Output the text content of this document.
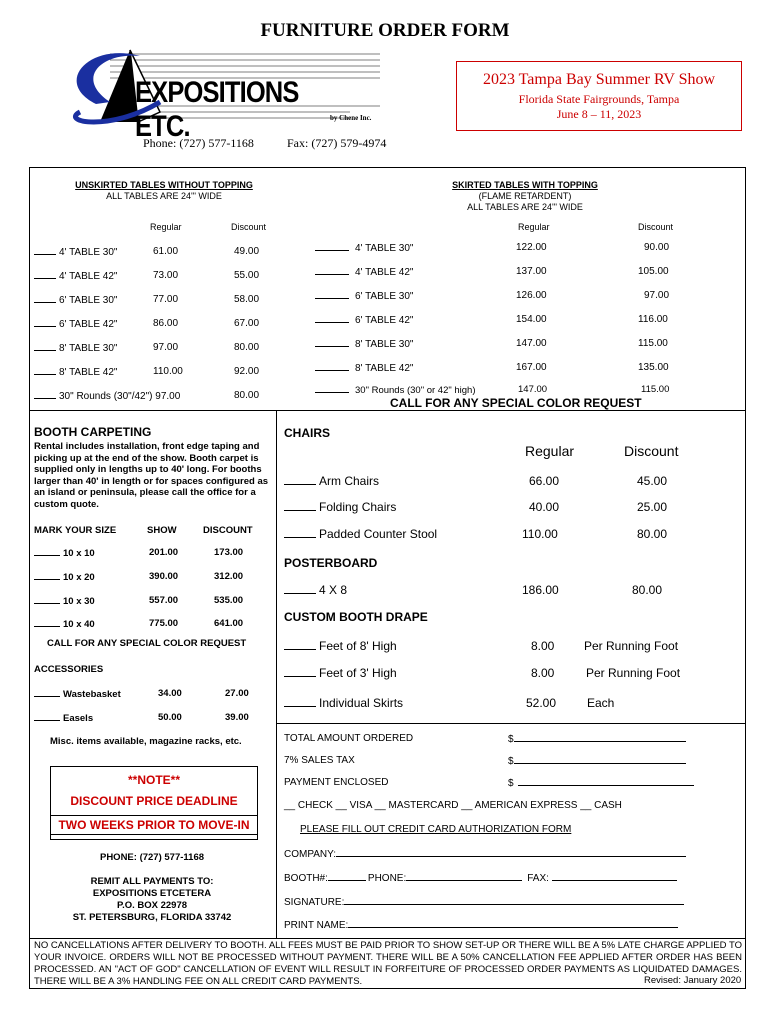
FURNITURE ORDER FORM
EXPOSITIONS ETC.	by Chene Inc.
2023 Tampa Bay Summer RV Show
Florida State Fairgrounds, Tampa
June 8 – 11, 2023
Phone: (727) 577-1168	Fax: (727) 579-4974
UNSKIRTED TABLES WITHOUT TOPPING
ALL TABLES ARE 24'" WIDE
Regular	Discount
4' TABLE 30"	61.00	49.00
4' TABLE 42"	73.00	55.00
6' TABLE 30"	77.00	58.00
6' TABLE 42"	86.00	67.00
8' TABLE 30"	97.00	80.00
8' TABLE 42"	110.00	92.00
30" Rounds (30"/42") 97.00	80.00
SKIRTED TABLES WITH TOPPING
(FLAME RETARDENT)
ALL TABLES ARE 24'" WIDE
Regular	Discount
4' TABLE 30"	122.00	90.00
4' TABLE 42"	137.00	105.00
6' TABLE 30"	126.00	97.00
6' TABLE 42"	154.00	116.00
8' TABLE 30"	147.00	115.00
8' TABLE 42"	167.00	135.00
30" Rounds (30" or 42" high)	147.00	115.00
CALL FOR ANY SPECIAL COLOR REQUEST
BOOTH CARPETING
Rental includes installation, front edge taping and picking up at the end of the show. Booth carpet is supplied only in lengths up to 40' long. For booths larger than 40' in length or for spaces configured as an island or peninsula, please call the office for a custom quote.
MARK YOUR SIZE	SHOW	DISCOUNT
10 x 10	201.00	173.00
10 x 20	390.00	312.00
10 x 30	557.00	535.00
10 x 40	775.00	641.00
CALL FOR ANY SPECIAL COLOR REQUEST
ACCESSORIES
Wastebasket	34.00	27.00
Easels	50.00	39.00
Misc. items available, magazine racks, etc.
**NOTE**
DISCOUNT PRICE DEADLINE
TWO WEEKS PRIOR TO MOVE-IN
PHONE: (727) 577-1168
REMIT ALL PAYMENTS TO:
EXPOSITIONS ETCETERA
P.O. BOX 22978
ST. PETERSBURG, FLORIDA 33742
CHAIRS
Regular	Discount
Arm Chairs	66.00	45.00
Folding Chairs	40.00	25.00
Padded Counter Stool	110.00	80.00
POSTERBOARD
4 X 8	186.00	80.00
CUSTOM BOOTH DRAPE
Feet of 8' High	8.00 Per Running Foot
Feet of 3' High	8.00	Per Running Foot
Individual Skirts	52.00	Each
TOTAL AMOUNT ORDERED	$
7% SALES TAX	$
PAYMENT ENCLOSED	$
__ CHECK __ VISA __ MASTERCARD __ AMERICAN EXPRESS __ CASH
PLEASE FILL OUT CREDIT CARD AUTHORIZATION FORM
COMPANY:
BOOTH#:	PHONE:	FAX:
SIGNATURE:
PRINT NAME:
NO CANCELLATIONS AFTER DELIVERY TO BOOTH. ALL FEES MUST BE PAID PRIOR TO SHOW SET-UP OR THERE WILL BE A 5% LATE CHARGE APPLIED TO YOUR INVOICE. ORDERS WILL NOT BE PROCESSED WITHOUT PAYMENT. THERE WILL BE A 50% CANCELLATION FEE APPLIED AFTER ORDER HAS BEEN PROCESSED. AN "ACT OF GOD" CANCELLATION OF EVENT WILL RESULT IN FORFEITURE OF PROCESSED ORDER PAYMENTS AS LIQUIDATED DAMAGES. THERE WILL BE A 3% HANDLING FEE ON ALL CREDIT CARD PAYMENTS.	Revised: January 2020
